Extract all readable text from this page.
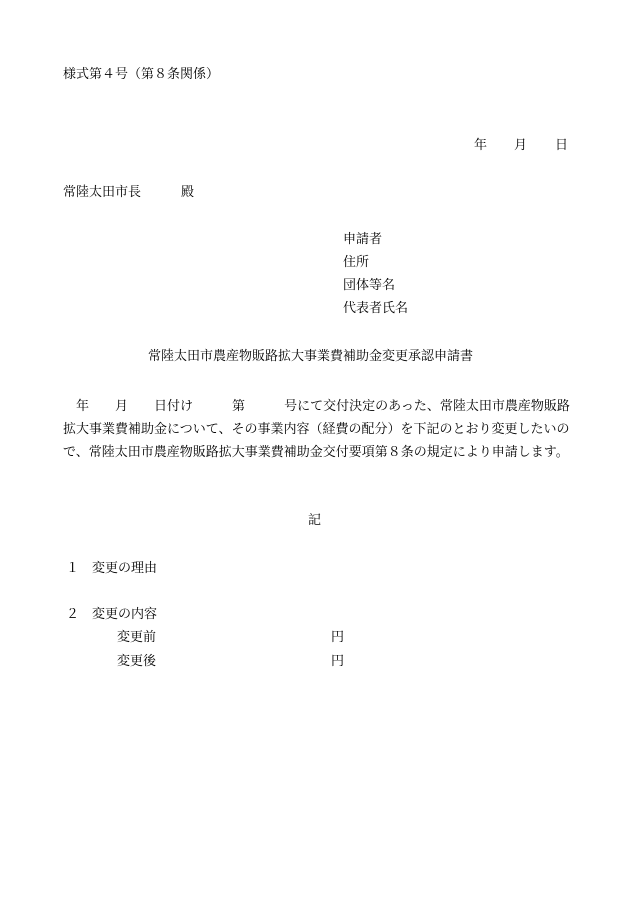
様式第４号（第８条関係）
年 月 日
常陸太田市長	殿
申請者
住所
団体等名
代表者氏名
常陸太田市農産物販路拡大事業費補助金変更承認申請書
　年　　月　　日付け　　　第　　　号にて交付決定のあった、常陸太田市農産物販路拡大事業費補助金について、その事業内容（経費の配分）を下記のとおり変更したいので、常陸太田市農産物販路拡大事業費補助金交付要項第８条の規定により申請します。
記
１　変更の理由
２　変更の内容
変更前	円
変更後	円
